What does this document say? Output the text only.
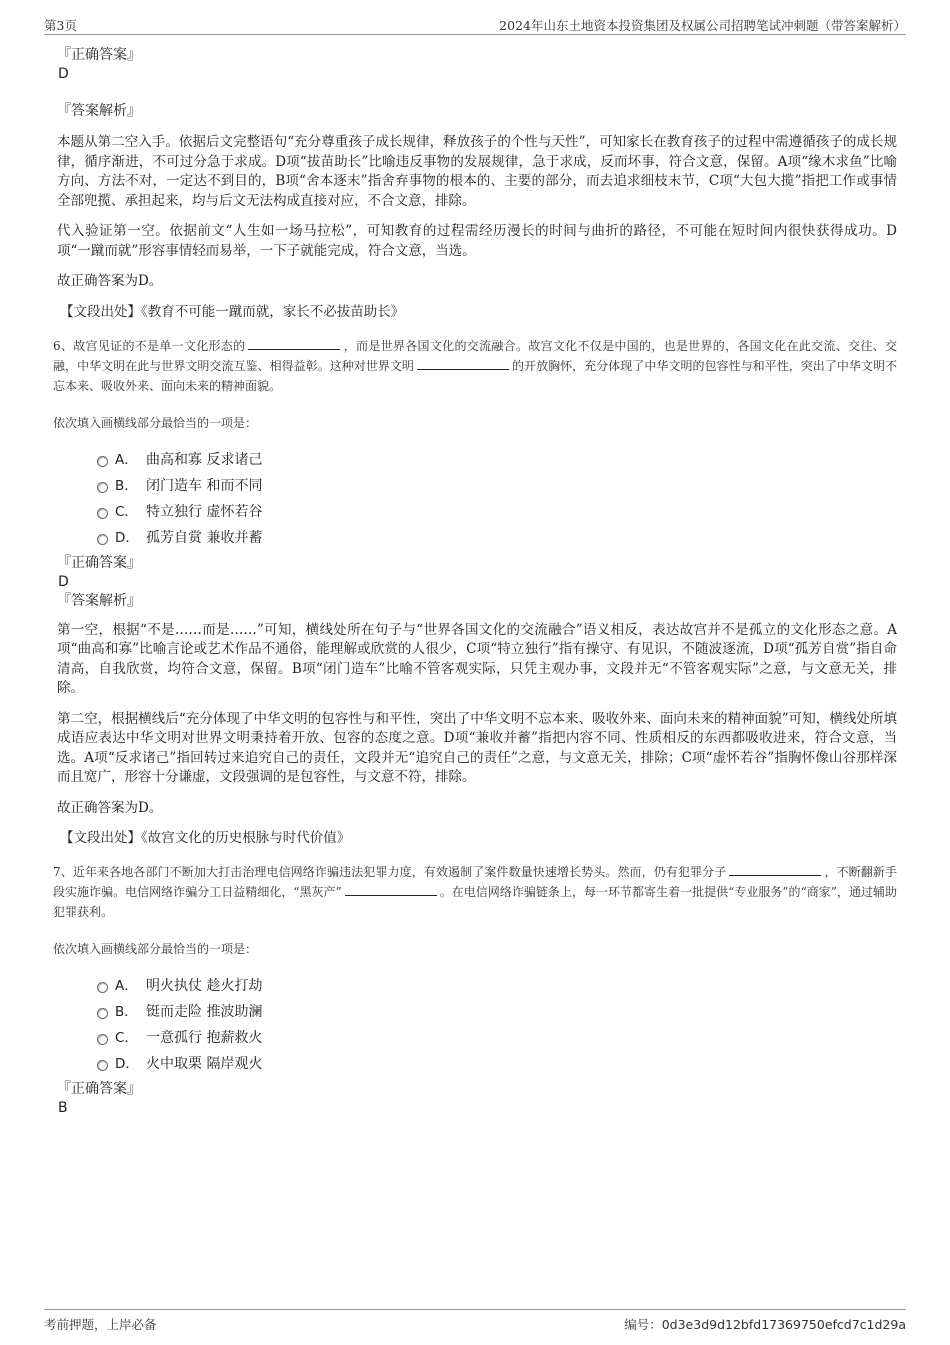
第3页	2024年山东土地资本投资集团及权属公司招聘笔试冲刺题（带答案解析）

『正确答案』

D

『答案解析』

本题从第二空入手。依据后文完整语句“充分尊重孩子成长规律，释放孩子的个性与天性”，可知家长在教育孩子的过程中需遵循孩子的成长规律，循序渐进，不可过分急于求成。D项“拔苗助长”比喻违反事物的发展规律，急于求成，反而坏事，符合文意，保留。A项“缘木求鱼”比喻方向、方法不对，一定达不到目的，B项“舍本逐末”指舍弃事物的根本的、主要的部分，而去追求细枝末节，C项“大包大揽”指把工作或事情全部兜揽、承担起来，均与后文无法构成直接对应，不合文意，排除。

代入验证第一空。依据前文“人生如一场马拉松”，可知教育的过程需经历漫长的时间与曲折的路径，不可能在短时间内很快获得成功。D项“一蹴而就”形容事情轻而易举，一下子就能完成，符合文意，当选。

故正确答案为D。

【文段出处】《教育不可能一蹴而就，家长不必拔苗助长》

6、故宫见证的不是单一文化形态的	，而是世界各国文化的交流融合。故宫文化不仅是中国的，也是世界的，各国文化在此交流、交往、交融，中华文明在此与世界文明交流互鉴、相得益彰。这种对世界文明	的开放胸怀，充分体现了中华文明的包容性与和平性，突出了中华文明不忘本来、吸收外来、面向未来的精神面貌。

依次填入画横线部分最恰当的一项是：

A． 曲高和寡 反求诸己
B． 闭门造车 和而不同
C． 特立独行 虚怀若谷
D． 孤芳自赏 兼收并蓄

『正确答案』

D

『答案解析』

第一空，根据“不是……而是……”可知，横线处所在句子与“世界各国文化的交流融合”语义相反，表达故宫并不是孤立的文化形态之意。A项“曲高和寡”比喻言论或艺术作品不通俗，能理解或欣赏的人很少，C项“特立独行”指有操守、有见识，不随波逐流，D项“孤芳自赏”指自命清高，自我欣赏，均符合文意，保留。B项“闭门造车”比喻不管客观实际，只凭主观办事，文段并无“不管客观实际”之意，与文意无关，排除。

第二空，根据横线后“充分体现了中华文明的包容性与和平性，突出了中华文明不忘本来、吸收外来、面向未来的精神面貌”可知，横线处所填成语应表达中华文明对世界文明秉持着开放、包容的态度之意。D项“兼收并蓄”指把内容不同、性质相反的东西都吸收进来，符合文意，当选。A项“反求诸己”指回转过来追究自己的责任，文段并无“追究自己的责任”之意，与文意无关，排除；C项“虚怀若谷”指胸怀像山谷那样深而且宽广，形容十分谦虚，文段强调的是包容性，与文意不符，排除。

故正确答案为D。

【文段出处】《故宫文化的历史根脉与时代价值》

7、近年来各地各部门不断加大打击治理电信网络诈骗违法犯罪力度，有效遏制了案件数量快速增长势头。然而，仍有犯罪分子	，不断翻新手段实施诈骗。电信网络诈骗分工日益精细化，“黑灰产”	。在电信网络诈骗链条上，每一环节都寄生着一批提供“专业服务”的“商家”，通过辅助犯罪获利。

依次填入画横线部分最恰当的一项是：

A． 明火执仗 趁火打劫
B． 铤而走险 推波助澜
C． 一意孤行 抱薪救火
D． 火中取栗 隔岸观火

『正确答案』

B

考前押题，上岸必备	编号：0d3e3d9d12bfd17369750efcd7c1d29a
